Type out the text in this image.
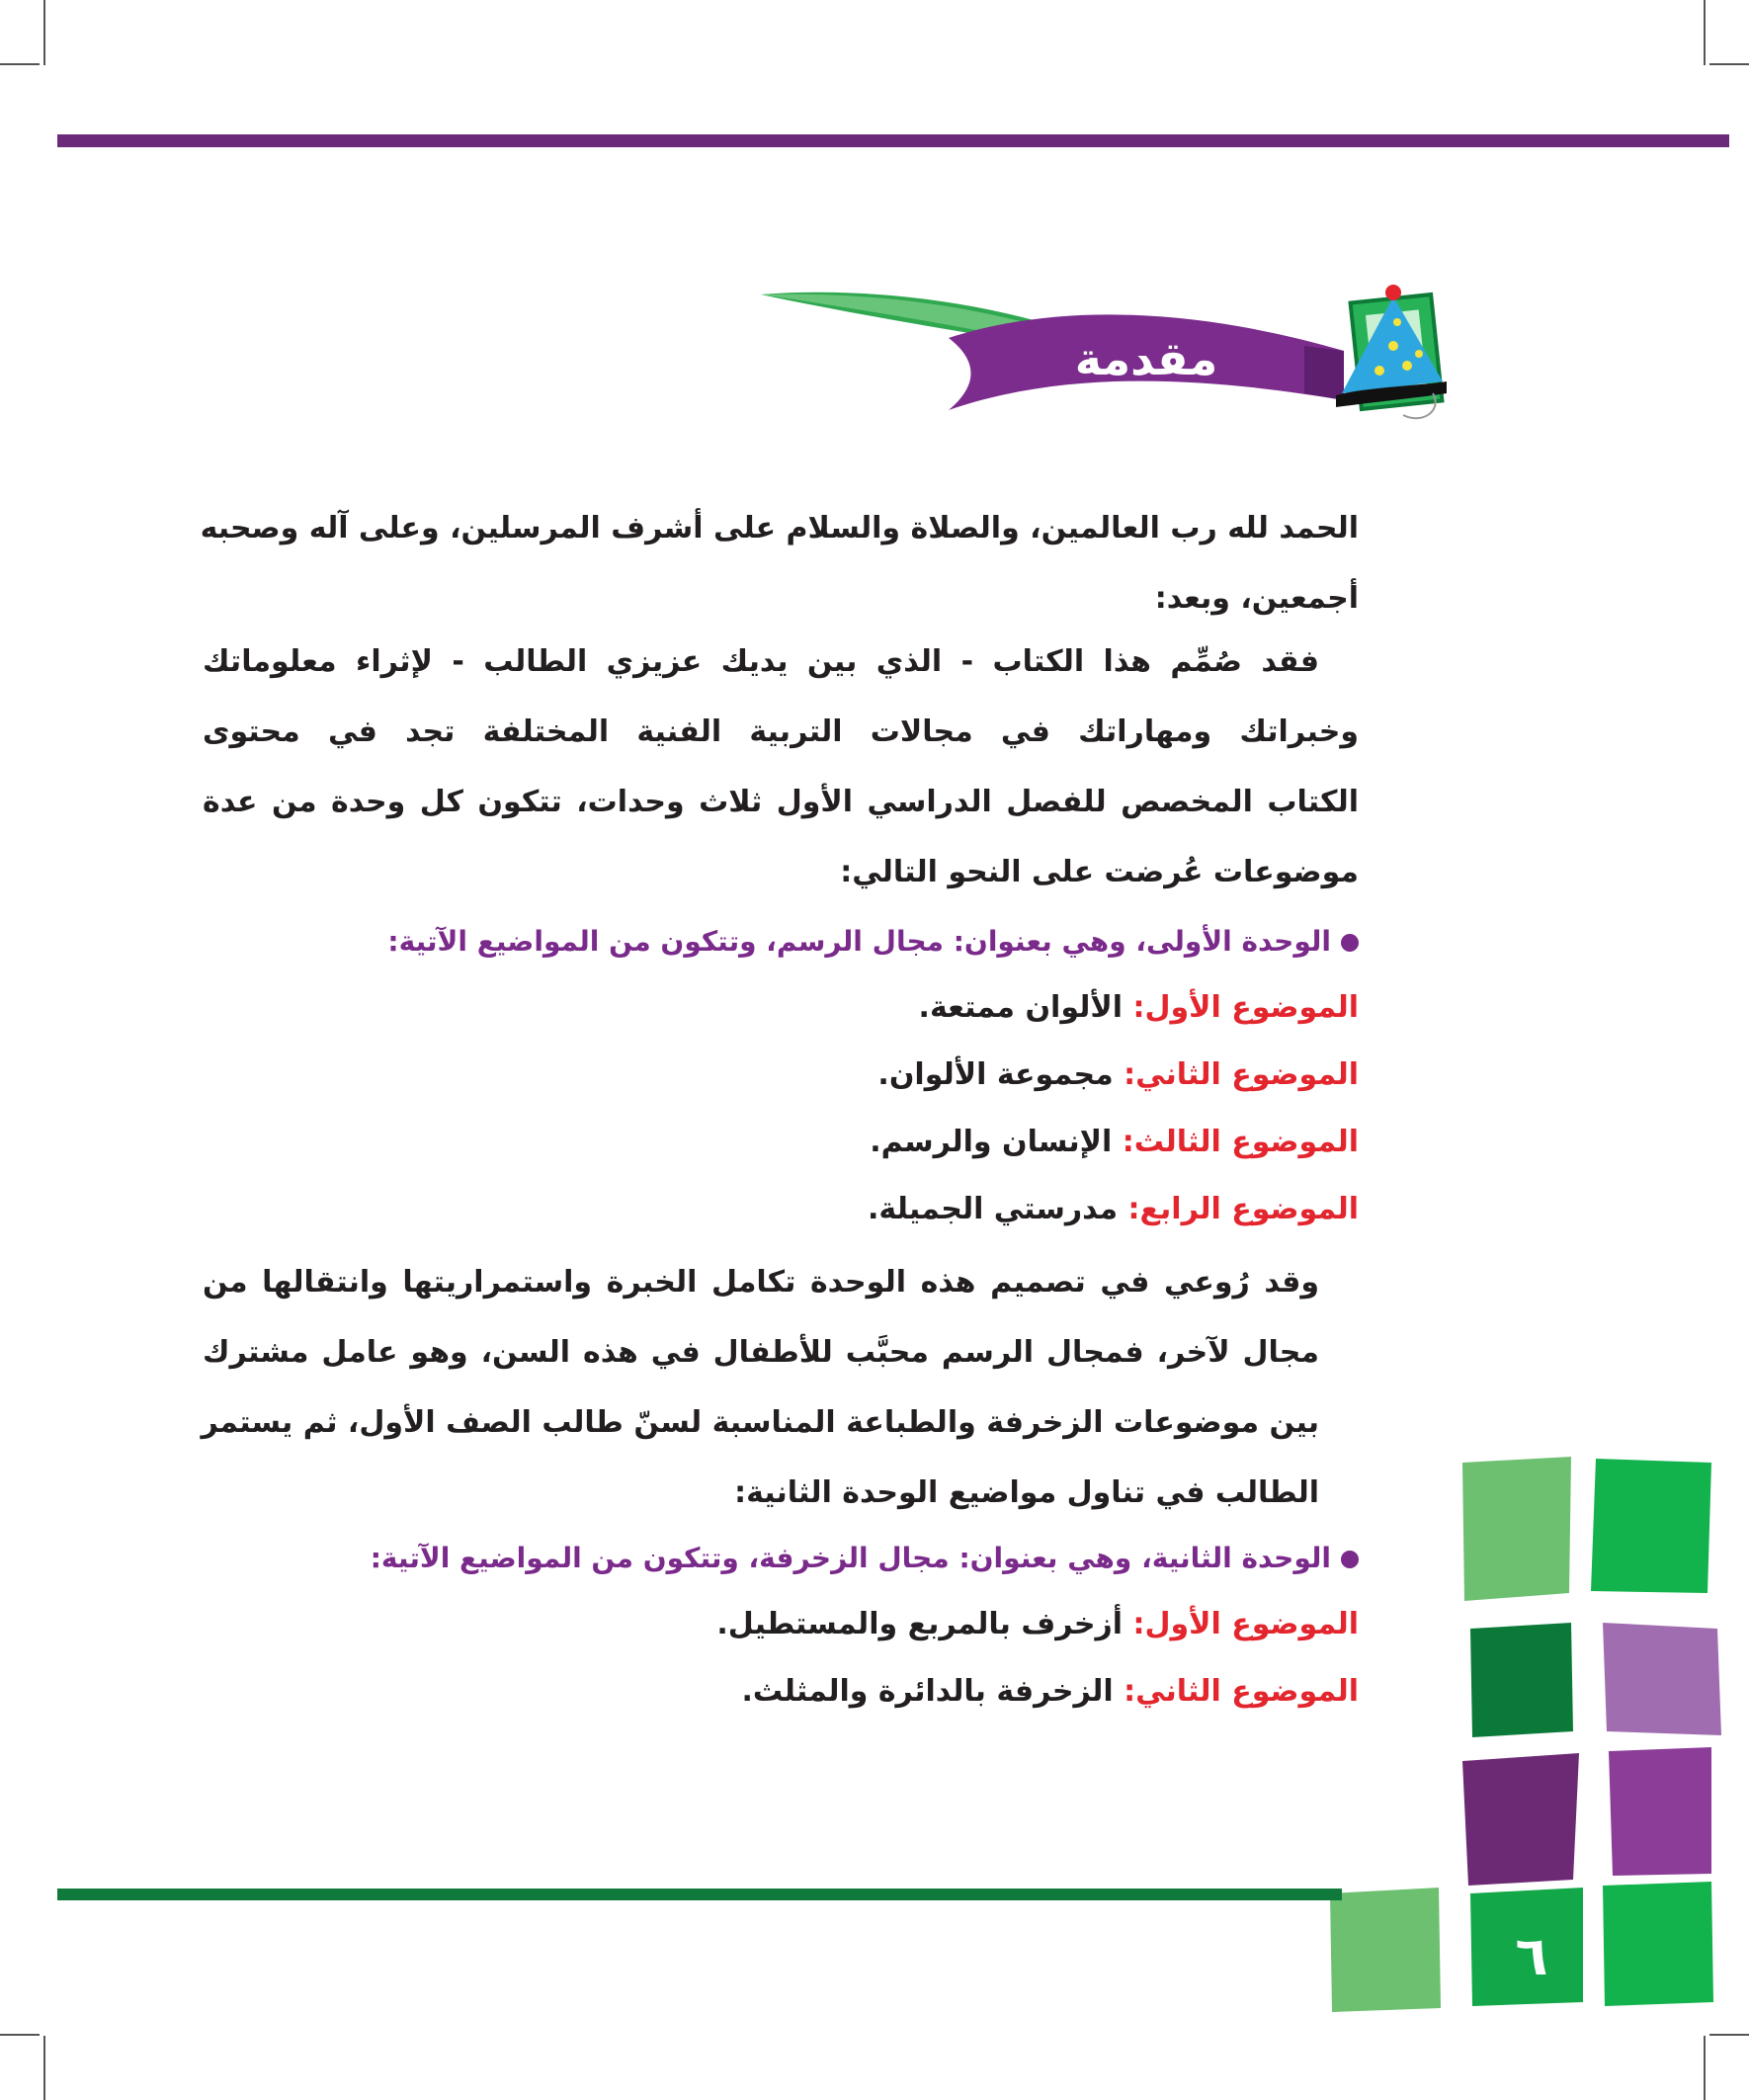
مقدمة الكتاب
الحمد لله رب العالمين، والصلاة والسلام على أشرف المرسلين، وعلى آله وصحبه
أجمعين، وبعد:
فقد صُمِّم هذا الكتاب - الذي بين يديك عزيزي الطالب - لإثراء معلوماتك
وخبراتك ومهاراتك في مجالات التربية الفنية المختلفة تجد في محتوى
الكتاب المخصص للفصل الدراسي الأول ثلاث وحدات، تتكون كل وحدة من عدة
موضوعات عُرضت على النحو التالي:
الوحدة الأولى، وهي بعنوان: مجال الرسم، وتتكون من المواضيع الآتية:
الموضوع الأول: الألوان ممتعة.
الموضوع الثاني: مجموعة الألوان.
الموضوع الثالث: الإنسان والرسم.
الموضوع الرابع: مدرستي الجميلة.
وقد رُوعي في تصميم هذه الوحدة تكامل الخبرة واستمراريتها وانتقالها من
مجال لآخر، فمجال الرسم محبَّب للأطفال في هذه السن، وهو عامل مشترك
بين موضوعات الزخرفة والطباعة المناسبة لسنّ طالب الصف الأول، ثم يستمر
الطالب في تناول مواضيع الوحدة الثانية:
الوحدة الثانية، وهي بعنوان: مجال الزخرفة، وتتكون من المواضيع الآتية:
الموضوع الأول: أزخرف بالمربع والمستطيل.
الموضوع الثاني: الزخرفة بالدائرة والمثلث.
٦
